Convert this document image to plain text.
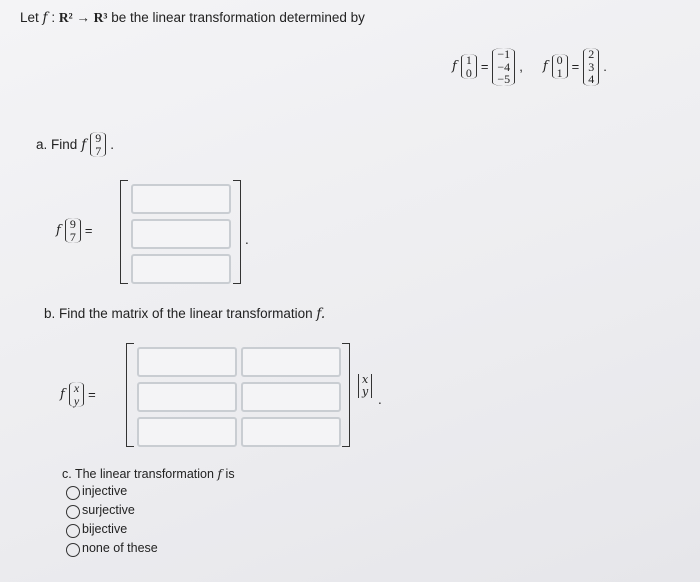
Let f : R² → R³ be the linear transformation determined by
f 1
0 =
−1
−4
−5
, f 0
1 =
2
3
4
.
a. Find f 9
7 .
f 9
7 =
.
b. Find the matrix of the linear transformation f.
f x
y =
x
y
.
c. The linear transformation f is
injective
surjective
bijective
none of these
